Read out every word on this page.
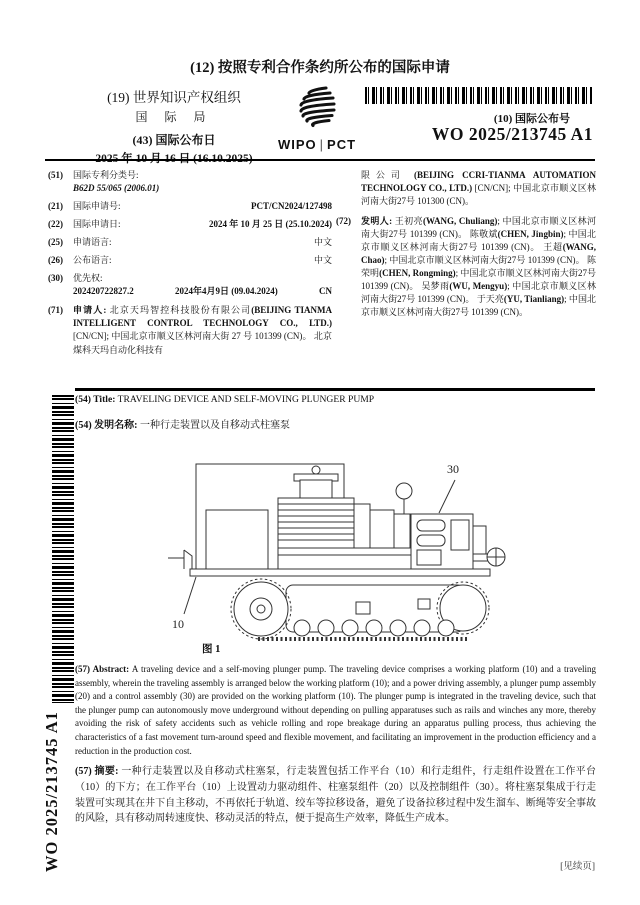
(12) 按照专利合作条约所公布的国际申请
(19) 世界知识产权组织
国 际 局
(43) 国际公布日	WIPO | PCT
(10) 国际公布号
WO 2025/213745 A1
(51) 国际专利分类号:
B62D 55/065 (2006.01)
(21) 国际申请号:	PCT/CN2024/127498
(22) 国际申请日:	2024 年 10 月 25 日 (25.10.2024)
(25) 申请语言:	中文
(26) 公布语言:	中文
(30) 优先权:
202420722827.2	2024年4月9日 (09.04.2024)	CN
(71) 申请人: 北京天玛智控科技股份有限公司(BEIJING TIANMA INTELLIGENT CONTROL TECHNOLOGY CO., LTD.) [CN/CN]; 中国北京市顺义区林河南大街 27 号 101399 (CN)。 北京煤科天玛自动化科技有
限公司 (BEIJING CCRI-TIANMA AUTOMATION TECHNOLOGY CO., LTD.) [CN/CN]; 中国北京市顺义区林河南大街27号 101300 (CN)。
(72) 发明人: 王初亮(WANG, Chuliang); 中国北京市顺义区林河南大街27号 101399 (CN)。 陈敬斌(CHEN, Jingbin); 中国北京市顺义区林河南大街27号 101399 (CN)。 王超(WANG, Chao); 中国北京市顺义区林河南大街27号 101399 (CN)。 陈荣明(CHEN, Rongming); 中国北京市顺义区林河南大街27号 101399 (CN)。 吴梦雨(WU, Mengyu); 中国北京市顺义区林河南大街27号 101399 (CN)。 于天亮(YU, Tianliang); 中国北京市顺义区林河南大街27号 101399 (CN)。
WO 2025/213745 A1
(54) Title: TRAVELING DEVICE AND SELF-MOVING PLUNGER PUMP
(54) 发明名称: 一种行走装置以及自移动式柱塞泵
30
10
图 1
(57) Abstract: A traveling device and a self-moving plunger pump. The traveling device comprises a working platform (10) and a traveling assembly, wherein the traveling assembly is arranged below the working platform (10); and a power driving assembly, a plunger pump assembly (20) and a control assembly (30) are provided on the working platform (10). The plunger pump is integrated in the traveling device, such that the plunger pump can autonomously move underground without depending on pulling apparatuses such as rails and winches any more, thereby avoiding the risk of safety accidents such as vehicle rolling and rope breakage during an apparatus pulling process, thus achieving the characteristics of a fast movement turn-around speed and flexible movement, and facilitating an improvement in the production efficiency and a reduction in the production cost.
(57) 摘要: 一种行走装置以及自移动式柱塞泵，行走装置包括工作平台（10）和行走组件，行走组件设置在工作平台（10）的下方；在工作平台（10）上设置动力驱动组件、柱塞泵组件（20）以及控制组件（30）。将柱塞泵集成于行走装置可实现其在井下自主移动，不再依托于轨道、绞车等拉移设备，避免了设备拉移过程中发生溜车、断绳等安全事故的风险，具有移动周转速度快、移动灵活的特点，便于提高生产效率，降低生产成本。
[见续页]
